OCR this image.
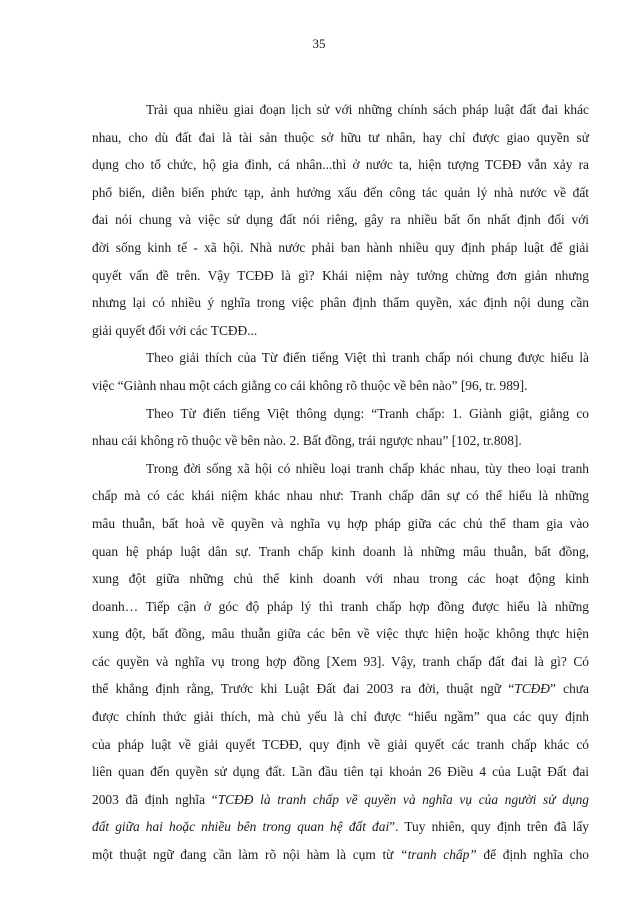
35
Trải qua nhiều giai đoạn lịch sử với những chính sách pháp luật đất đai khác
nhau, cho dù đất đai là tài sản thuộc sở hữu tư nhân, hay chỉ được giao quyền sử
dụng cho tổ chức, hộ gia đình, cá nhân...thì ở nước ta, hiện tượng TCĐĐ vẫn xảy ra
phổ biến, diễn biến phức tạp, ảnh hưởng xấu đến công tác quản lý nhà nước về đất
đai nói chung và việc sử dụng đất nói riêng, gây ra nhiều bất ổn nhất định đối với
đời sống kinh tế - xã hội. Nhà nước phải ban hành nhiều quy định pháp luật để giải
quyết vấn đề trên. Vậy TCĐĐ là gì? Khái niệm này tưởng chừng đơn giản nhưng
nhưng lại có nhiều ý nghĩa trong việc phân định thẩm quyền, xác định nội dung cần
giải quyết đối với các TCĐĐ...
Theo giải thích của Từ điển tiếng Việt thì tranh chấp nói chung được hiểu là
việc “Giành nhau một cách giằng co cái không rõ thuộc về bên nào” [96, tr. 989].
Theo Từ điển tiếng Việt thông dụng: “Tranh chấp: 1. Giành giật, giằng co
nhau cái không rõ thuộc về bên nào. 2. Bất đồng, trái ngược nhau” [102, tr.808].
Trong đời sống xã hội có nhiều loại tranh chấp khác nhau, tùy theo loại tranh
chấp mà có các khái niệm khác nhau như: Tranh chấp dân sự có thể hiểu là những
mâu thuẫn, bất hoà về quyền và nghĩa vụ hợp pháp giữa các chủ thể tham gia vào
quan hệ pháp luật dân sự. Tranh chấp kinh doanh là những mâu thuẫn, bất đồng,
xung đột giữa những chủ thể kinh doanh với nhau trong các hoạt động kinh
doanh… Tiếp cận ở góc độ pháp lý thì tranh chấp hợp đồng được hiểu là những
xung đột, bất đồng, mâu thuẫn giữa các bên về việc thực hiện hoặc không thực hiện
các quyền và nghĩa vụ trong hợp đồng [Xem 93]. Vậy, tranh chấp đất đai là gì? Có
thể khẳng định rằng, Trước khi Luật Đất đai 2003 ra đời, thuật ngữ “TCĐĐ” chưa
được chính thức giải thích, mà chủ yếu là chỉ được “hiểu ngầm” qua các quy định
của pháp luật về giải quyết TCĐĐ, quy định về giải quyết các tranh chấp khác có
liên quan đến quyền sử dụng đất. Lần đầu tiên tại khoản 26 Điều 4 của Luật Đất đai
2003 đã định nghĩa “TCĐĐ là tranh chấp về quyền và nghĩa vụ của người sử dụng
đất giữa hai hoặc nhiều bên trong quan hệ đất đai”. Tuy nhiên, quy định trên đã lấy
một thuật ngữ đang cần làm rõ nội hàm là cụm từ “tranh chấp” để định nghĩa cho
